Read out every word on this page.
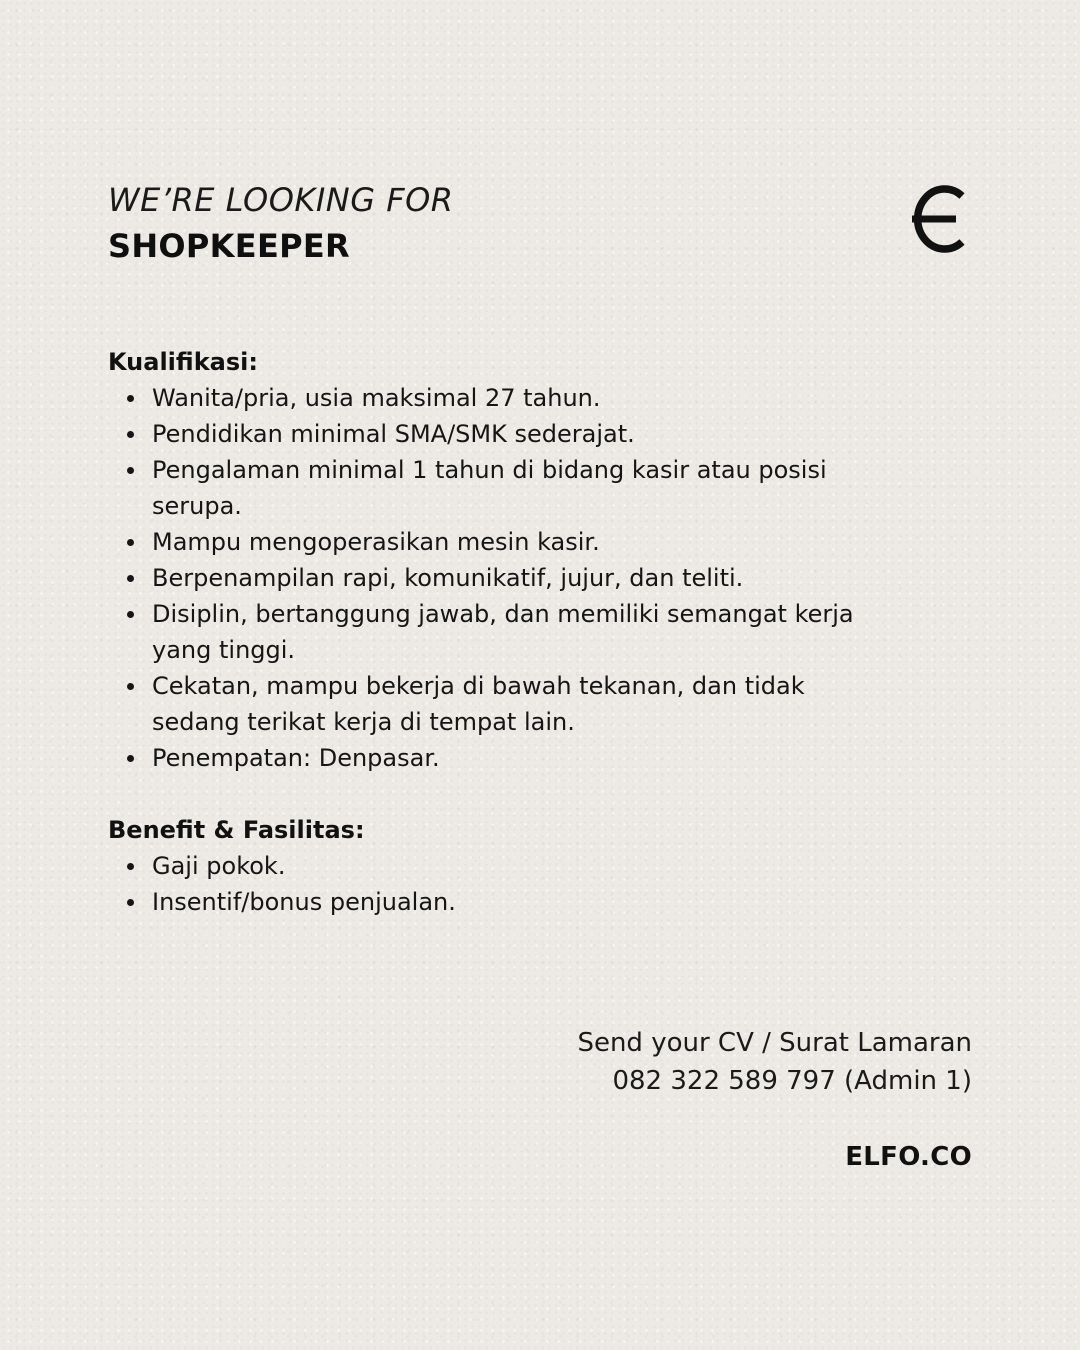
WE’RE LOOKING FOR

SHOPKEEPER

Kualifikasi:

Wanita/pria, usia maksimal 27 tahun.
Pendidikan minimal SMA/SMK sederajat.
Pengalaman minimal 1 tahun di bidang kasir atau posisi serupa.
Mampu mengoperasikan mesin kasir.
Berpenampilan rapi, komunikatif, jujur, dan teliti.
Disiplin, bertanggung jawab, dan memiliki semangat kerja yang tinggi.
Cekatan, mampu bekerja di bawah tekanan, dan tidak sedang terikat kerja di tempat lain.
Penempatan: Denpasar.

Benefit & Fasilitas:

Gaji pokok.
Insentif/bonus penjualan.

Send your CV / Surat Lamaran

082 322 589 797 (Admin 1)

ELFO.CO
